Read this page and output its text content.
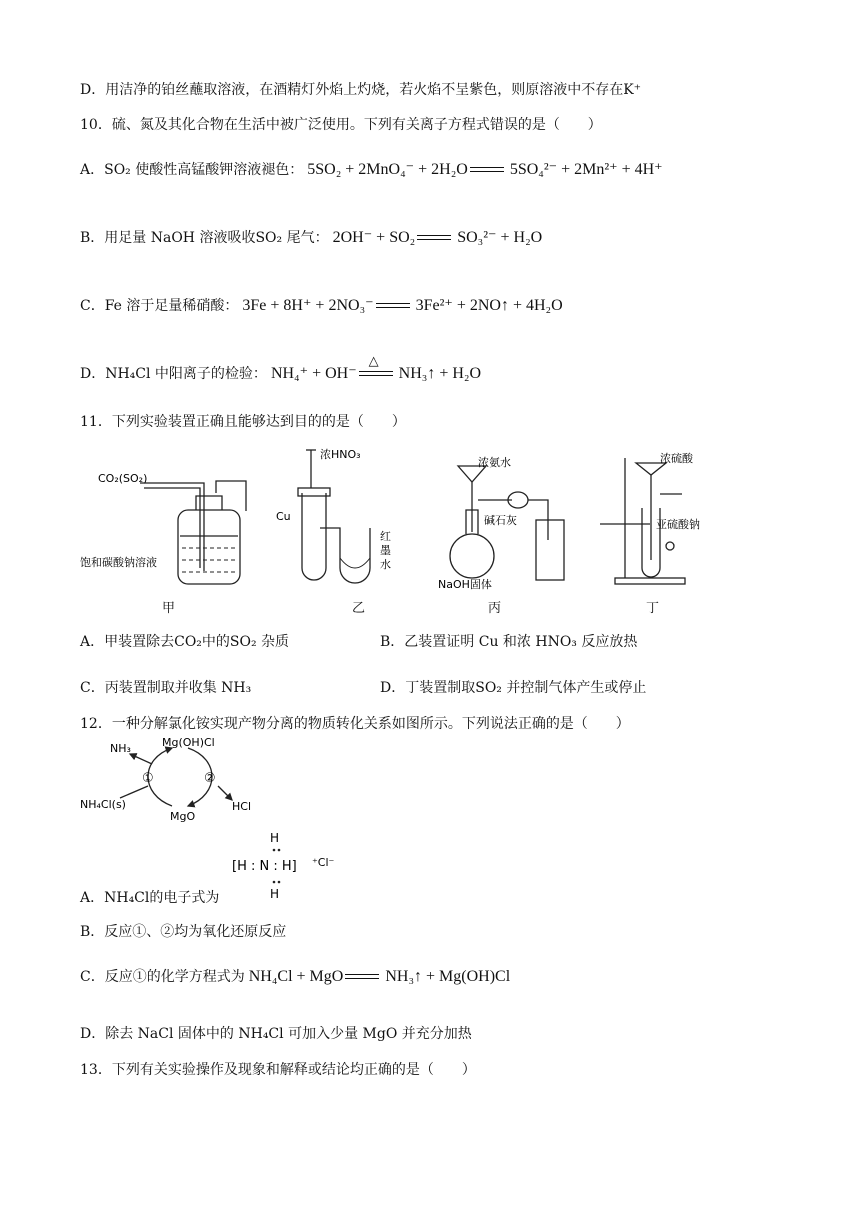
D．用洁净的铂丝蘸取溶液，在酒精灯外焰上灼烧，若火焰不呈紫色，则原溶液中不存在K⁺
10．硫、氮及其化合物在生活中被广泛使用。下列有关离子方程式错误的是（　　）
A．SO₂ 使酸性高锰酸钾溶液褪色： 5SO₂ + 2MnO₄⁻ + 2H₂O	5SO₄²⁻ + 2Mn²⁺ + 4H⁺
B．用足量 NaOH 溶液吸收SO₂ 尾气： 2OH⁻ + SO₂	SO₃²⁻ + H₂O
C．Fe 溶于足量稀硝酸： 3Fe + 8H⁺ + 2NO₃⁻	3Fe²⁺ + 2NO↑ + 4H₂O
D．NH₄Cl 中阳离子的检验： NH₄⁺ + OH⁻
△
NH₃↑ + H₂O
11．下列实验装置正确且能够达到目的的是（　　）
CO₂(SO₂)
饱和碳酸钠溶液
浓HNO₃
Cu
红
墨
水
浓氨水
碱石灰
NaOH固体
浓硫酸
亚硫酸钠
甲	乙	丙	丁
A．甲装置除去CO₂中的SO₂ 杂质	B．乙装置证明 Cu 和浓 HNO₃ 反应放热
C．丙装置制取并收集 NH₃	D．丁装置制取SO₂ 并控制气体产生或停止
12．一种分解氯化铵实现产物分离的物质转化关系如图所示。下列说法正确的是（　　）
NH₃	Mg(OH)Cl
NH₄Cl(s)
MgO
HCl
①	②
H
[H : N : H] ⁺Cl⁻
H
A．NH₄Cl的电子式为
B．反应①、②均为氧化还原反应
C．反应①的化学方程式为 NH₄Cl + MgO	NH₃↑ + Mg(OH)Cl
D．除去 NaCl 固体中的 NH₄Cl 可加入少量 MgO 并充分加热
13．下列有关实验操作及现象和解释或结论均正确的是（　　）
